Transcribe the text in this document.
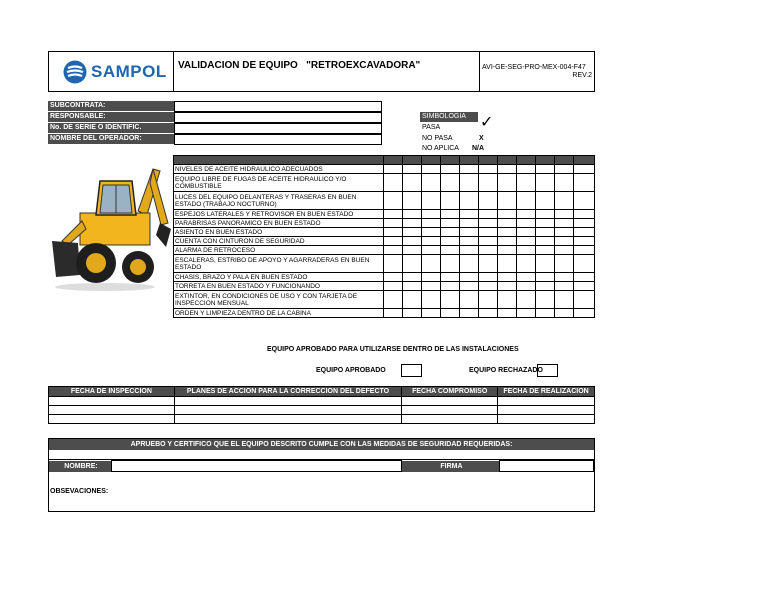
SAMPOL VALIDACION DE EQUIPO   "RETROEXCAVADORA"	AVI-GE-SEG-PRO-MEX-004-F47
REV.2
SUBCONTRATA:
RESPONSABLE:
No. DE SERIE O IDENTIFIC.
NOMBRE DEL OPERADOR:
SIMBOLOGIA
PASA ✓
NO PASA	X
NO APLICA N/A

NIVELES DE ACEITE HIDRAULICO ADECUADOS											
EQUIPO LIBRE DE FUGAS DE ACEITE HIDRAULICO Y/O COMBUSTIBLE											
LUCES DEL EQUIPO DELANTERAS Y TRASERAS EN BUEN ESTADO (TRABAJO NOCTURNO)											
ESPEJOS LATERALES Y RETROVISOR EN BUEN ESTADO											
PARABRISAS PANORAMICO EN BUEN ESTADO											
ASIENTO EN BUEN ESTADO											
CUENTA CON CINTURON DE SEGURIDAD											
ALARMA DE RETROCESO											
ESCALERAS, ESTRIBO DE APOYO Y AGARRADERAS EN BUEN ESTADO											
CHASIS, BRAZO Y PALA EN BUEN ESTADO											
TORRETA EN BUEN ESTADO Y FUNCIONANDO											
EXTINTOR, EN CONDICIONES DE USO Y CON TARJETA DE INSPECCION MENSUAL											
ORDEN Y LIMPIEZA DENTRO DE LA CABINA											
EQUIPO APROBADO PARA UTILIZARSE DENTRO DE LAS INSTALACIONES
EQUIPO APROBADO	EQUIPO RECHAZADO
FECHA DE INSPECCION	PLANES DE ACCION PARA LA CORRECCION DEL DEFECTO	FECHA COMPROMISO	FECHA DE REALIZACION

APRUEBO Y CERTIFICO QUE EL EQUIPO DESCRITO CUMPLE CON LAS MEDIDAS DE SEGURIDAD REQUERIDAS:
NOMBRE:	FIRMA
OBSEVACIONES:
